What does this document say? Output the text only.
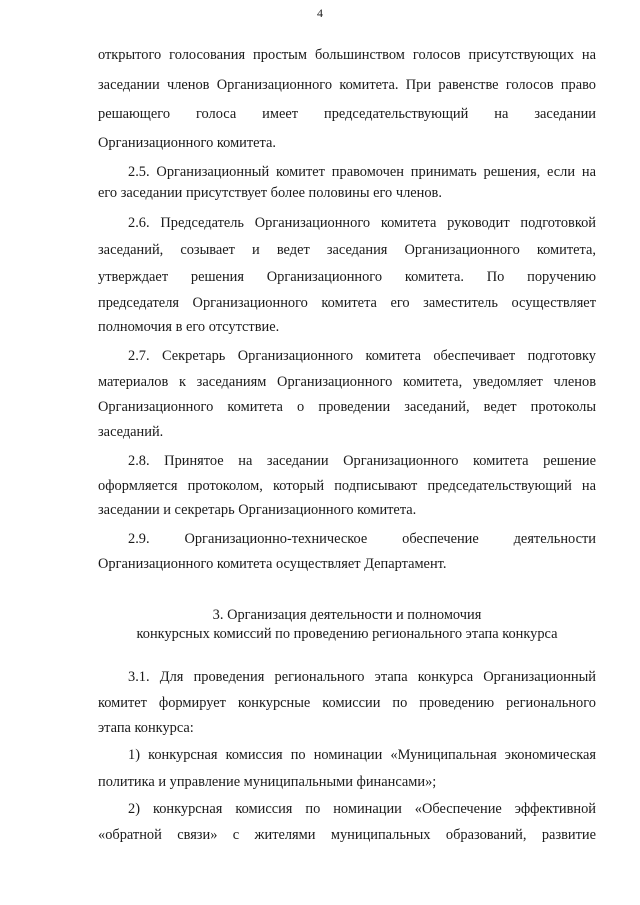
4
открытого голосования простым большинством голосов присутствующих на
заседании членов Организационного комитета. При равенстве голосов право
решающего голоса имеет председательствующий на заседании
Организационного комитета.
2.5. Организационный комитет правомочен принимать решения, если на
его заседании присутствует более половины его членов.
2.6. Председатель Организационного комитета руководит подготовкой
заседаний, созывает и ведет заседания Организационного комитета,
утверждает решения Организационного комитета. По поручению
председателя Организационного комитета его заместитель осуществляет
полномочия в его отсутствие.
2.7. Секретарь Организационного комитета обеспечивает подготовку
материалов к заседаниям Организационного комитета, уведомляет членов
Организационного комитета о проведении заседаний, ведет протоколы
заседаний.
2.8. Принятое на заседании Организационного комитета решение
оформляется протоколом, который подписывают председательствующий на
заседании и секретарь Организационного комитета.
2.9. Организационно-техническое обеспечение деятельности
Организационного комитета осуществляет Департамент.
3. Организация деятельности и полномочия
конкурсных комиссий по проведению регионального этапа конкурса
3.1. Для проведения регионального этапа конкурса Организационный
комитет формирует конкурсные комиссии по проведению регионального
этапа конкурса:
1) конкурсная комиссия по номинации «Муниципальная экономическая
политика и управление муниципальными финансами»;
2) конкурсная комиссия по номинации «Обеспечение эффективной
«обратной связи» с жителями муниципальных образований, развитие
